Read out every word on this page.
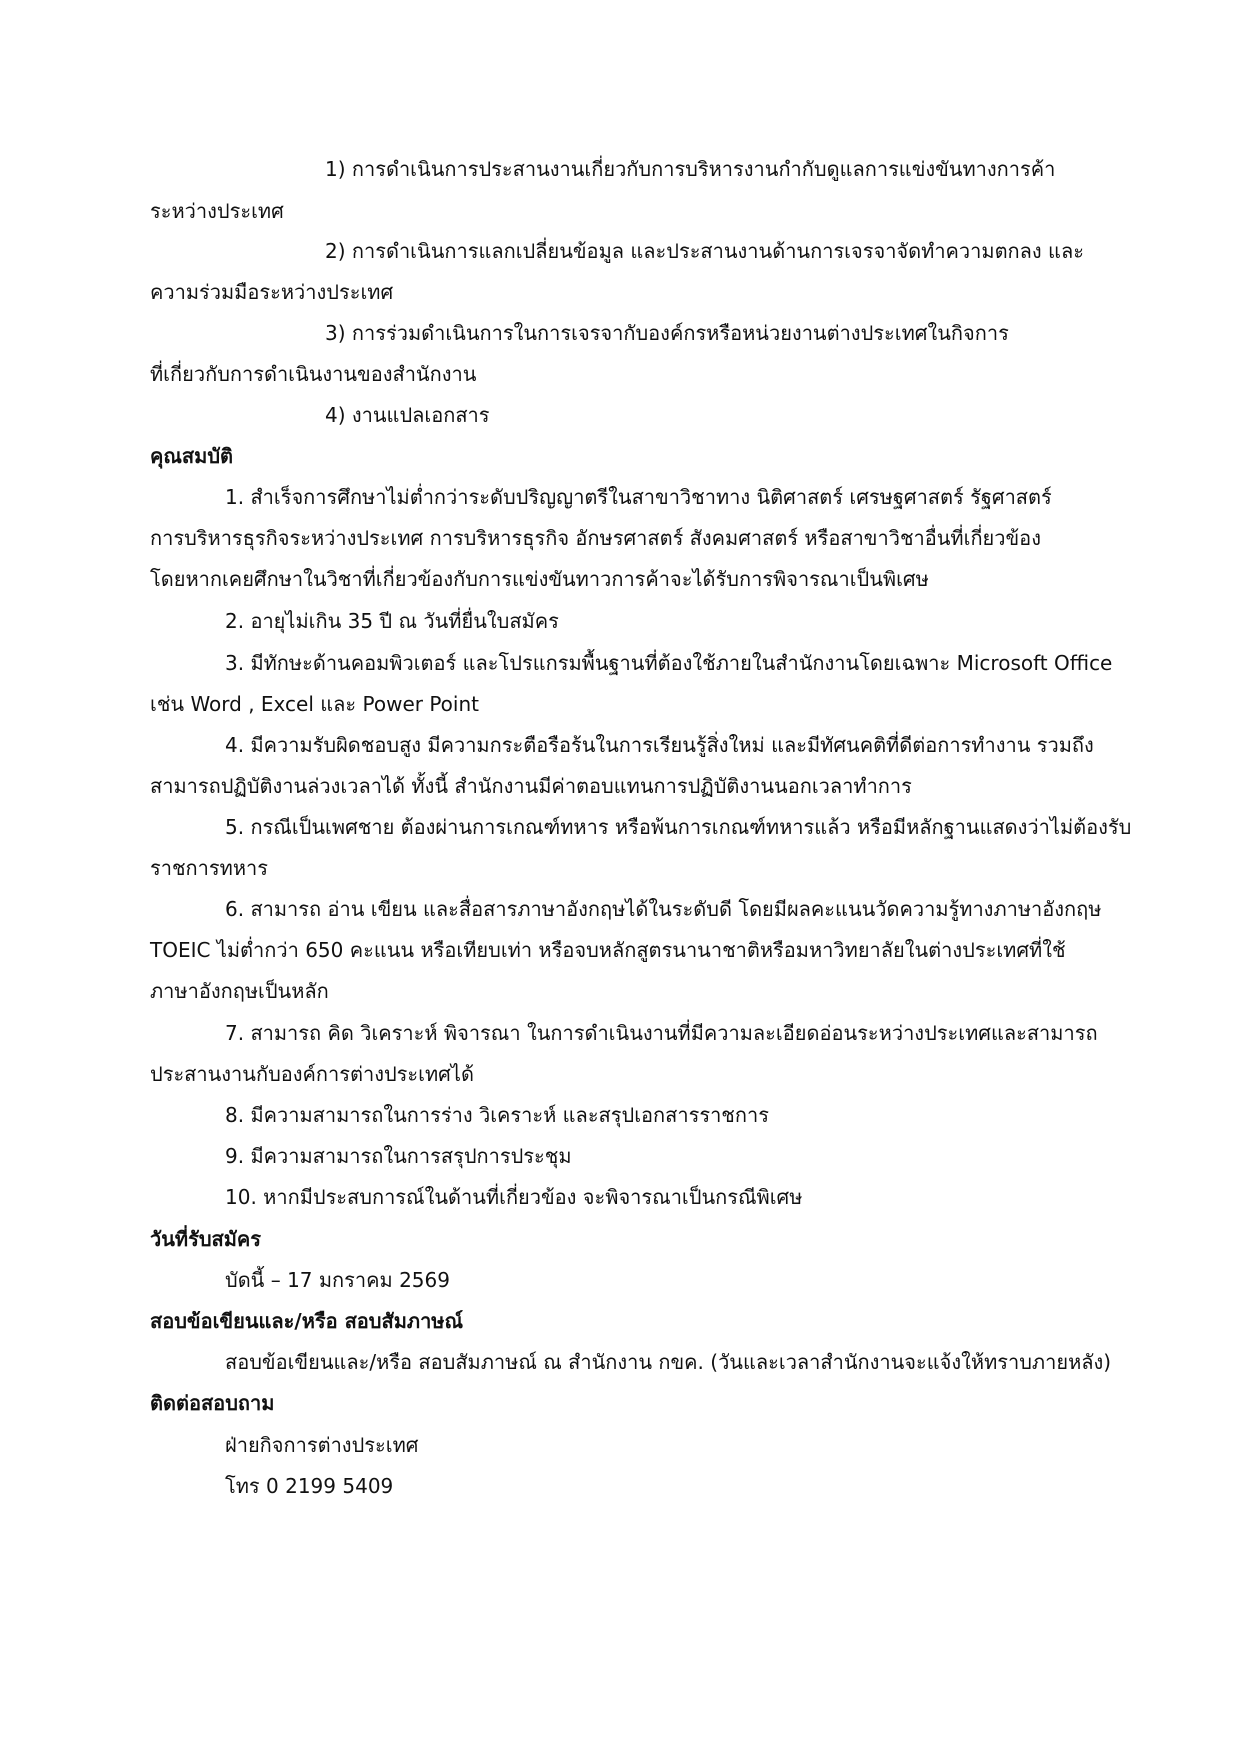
1) การดำเนินการประสานงานเกี่ยวกับการบริหารงานกำกับดูแลการแข่งขันทางการค้า

ระหว่างประเทศ

2) การดำเนินการแลกเปลี่ยนข้อมูล และประสานงานด้านการเจรจาจัดทำความตกลง และ

ความร่วมมือระหว่างประเทศ

3) การร่วมดำเนินการในการเจรจากับองค์กรหรือหน่วยงานต่างประเทศในกิจการ

ที่เกี่ยวกับการดำเนินงานของสำนักงาน

4) งานแปลเอกสาร

คุณสมบัติ

1. สำเร็จการศึกษาไม่ต่ำกว่าระดับปริญญาตรีในสาขาวิชาทาง นิติศาสตร์ เศรษฐศาสตร์ รัฐศาสตร์

การบริหารธุรกิจระหว่างประเทศ การบริหารธุรกิจ อักษรศาสตร์ สังคมศาสตร์ หรือสาขาวิชาอื่นที่เกี่ยวข้อง

โดยหากเคยศึกษาในวิชาที่เกี่ยวข้องกับการแข่งขันทาวการค้าจะได้รับการพิจารณาเป็นพิเศษ

2. อายุไม่เกิน 35 ปี ณ วันที่ยื่นใบสมัคร

3. มีทักษะด้านคอมพิวเตอร์ และโปรแกรมพื้นฐานที่ต้องใช้ภายในสำนักงานโดยเฉพาะ Microsoft Office

เช่น Word , Excel และ Power Point

4. มีความรับผิดชอบสูง มีความกระตือรือร้นในการเรียนรู้สิ่งใหม่ และมีทัศนคติที่ดีต่อการทำงาน รวมถึง

สามารถปฏิบัติงานล่วงเวลาได้ ทั้งนี้ สำนักงานมีค่าตอบแทนการปฏิบัติงานนอกเวลาทำการ

5. กรณีเป็นเพศชาย ต้องผ่านการเกณฑ์ทหาร หรือพ้นการเกณฑ์ทหารแล้ว หรือมีหลักฐานแสดงว่าไม่ต้องรับ

ราชการทหาร

6. สามารถ อ่าน เขียน และสื่อสารภาษาอังกฤษได้ในระดับดี โดยมีผลคะแนนวัดความรู้ทางภาษาอังกฤษ

TOEIC ไม่ต่ำกว่า 650 คะแนน หรือเทียบเท่า หรือจบหลักสูตรนานาชาติหรือมหาวิทยาลัยในต่างประเทศที่ใช้

ภาษาอังกฤษเป็นหลัก

7. สามารถ คิด วิเคราะห์ พิจารณา ในการดำเนินงานที่มีความละเอียดอ่อนระหว่างประเทศและสามารถ

ประสานงานกับองค์การต่างประเทศได้

8. มีความสามารถในการร่าง วิเคราะห์ และสรุปเอกสารราชการ

9. มีความสามารถในการสรุปการประชุม

10. หากมีประสบการณ์ในด้านที่เกี่ยวข้อง จะพิจารณาเป็นกรณีพิเศษ

วันที่รับสมัคร

บัดนี้ – 17 มกราคม 2569

สอบข้อเขียนและ/หรือ สอบสัมภาษณ์

สอบข้อเขียนและ/หรือ สอบสัมภาษณ์ ณ สำนักงาน กขค. (วันและเวลาสำนักงานจะแจ้งให้ทราบภายหลัง)

ติดต่อสอบถาม

ฝ่ายกิจการต่างประเทศ

โทร 0 2199 5409
